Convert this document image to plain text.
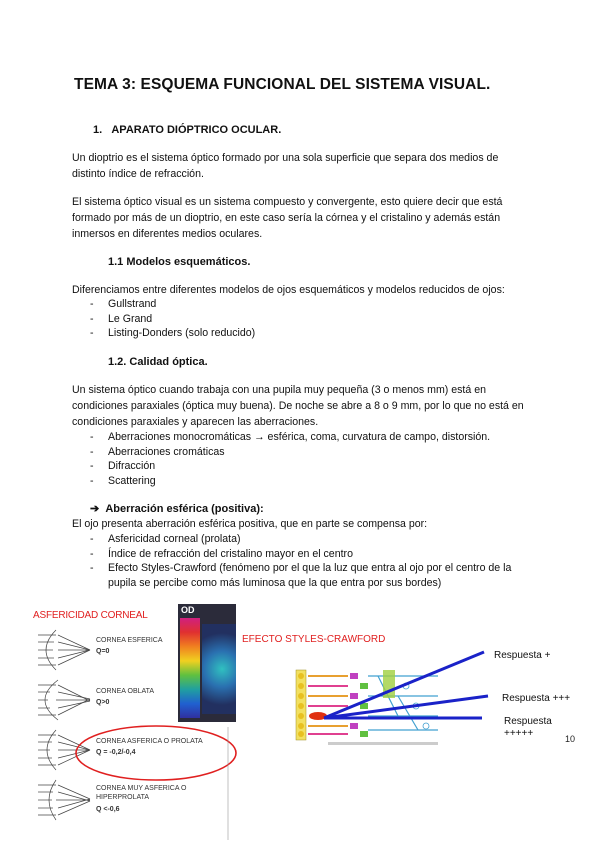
TEMA 3: ESQUEMA FUNCIONAL DEL SISTEMA VISUAL.
1. APARATO DIÓPTRICO OCULAR.
Un dioptrio es el sistema óptico formado por una sola superficie que separa dos medios de distinto índice de refracción.
El sistema óptico visual es un sistema compuesto y convergente, esto quiere decir que está formado por más de un dioptrio, en este caso sería la córnea y el cristalino y además están inmersos en diferentes medios oculares.
1.1 Modelos esquemáticos.
Diferenciamos entre diferentes modelos de ojos esquemáticos y modelos reducidos de ojos:
- Gullstrand
- Le Grand
- Listing-Donders (solo reducido)
1.2. Calidad óptica.
Un sistema óptico cuando trabaja con una pupila muy pequeña (3 o menos mm) está en condiciones paraxiales (óptica muy buena). De noche se abre a 8 o 9 mm, por lo que no está en condiciones paraxiales y aparecen las aberraciones.
- Aberraciones monocromáticas → esférica, coma, curvatura de campo, distorsión.
- Aberraciones cromáticas
- Difracción
- Scattering
➔ Aberración esférica (positiva):
El ojo presenta aberración esférica positiva, que en parte se compensa por:
- Asfericidad corneal (prolata)
- Índice de refracción del cristalino mayor en el centro
- Efecto Styles-Crawford (fenómeno por el que la luz que entra al ojo por el centro de la pupila se percibe como más luminosa que la que entra por sus bordes)
ASFERICIDAD CORNEAL	OD
CORNEA ESFERICA
Q=0
CORNEA OBLATA
Q>0
CORNEA ASFERICA O PROLATA
Q = -0,2/-0,4
CORNEA MUY ASFERICA O HIPERPROLATA
Q <-0,6
EFECTO STYLES-CRAWFORD
Respuesta +
Respuesta +++
Respuesta +++++	10
